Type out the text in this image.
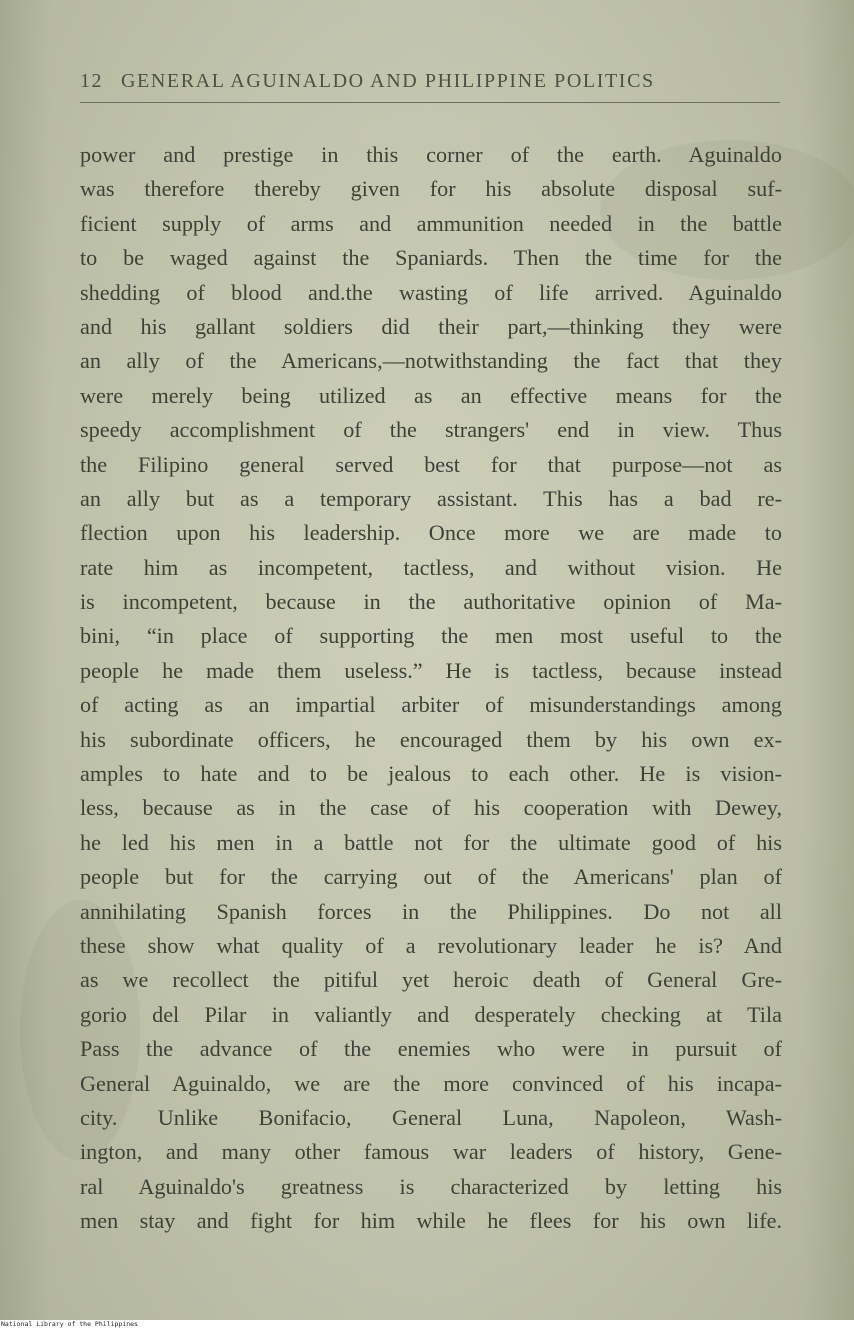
12 GENERAL AGUINALDO AND PHILIPPINE POLITICS
power and prestige in this corner of the earth. Aguinaldo
was therefore thereby given for his absolute disposal suf-
ficient supply of arms and ammunition needed in the battle
to be waged against the Spaniards. Then the time for the
shedding of blood and.the wasting of life arrived. Aguinaldo
and his gallant soldiers did their part,—thinking they were
an ally of the Americans,—notwithstanding the fact that they
were merely being utilized as an effective means for the
speedy accomplishment of the strangers' end in view. Thus
the Filipino general served best for that purpose—not as
an ally but as a temporary assistant. This has a bad re-
flection upon his leadership. Once more we are made to
rate him as incompetent, tactless, and without vision. He
is incompetent, because in the authoritative opinion of Ma-
bini, “in place of supporting the men most useful to the
people he made them useless.” He is tactless, because instead
of acting as an impartial arbiter of misunderstandings among
his subordinate officers, he encouraged them by his own ex-
amples to hate and to be jealous to each other. He is vision-
less, because as in the case of his cooperation with Dewey,
he led his men in a battle not for the ultimate good of his
people but for the carrying out of the Americans' plan of
annihilating Spanish forces in the Philippines. Do not all
these show what quality of a revolutionary leader he is? And
as we recollect the pitiful yet heroic death of General Gre-
gorio del Pilar in valiantly and desperately checking at Tila
Pass the advance of the enemies who were in pursuit of
General Aguinaldo, we are the more convinced of his incapa-
city. Unlike Bonifacio, General Luna, Napoleon, Wash-
ington, and many other famous war leaders of history, Gene-
ral Aguinaldo's greatness is characterized by letting his
men stay and fight for him while he flees for his own life.
National Library of the Philippines
